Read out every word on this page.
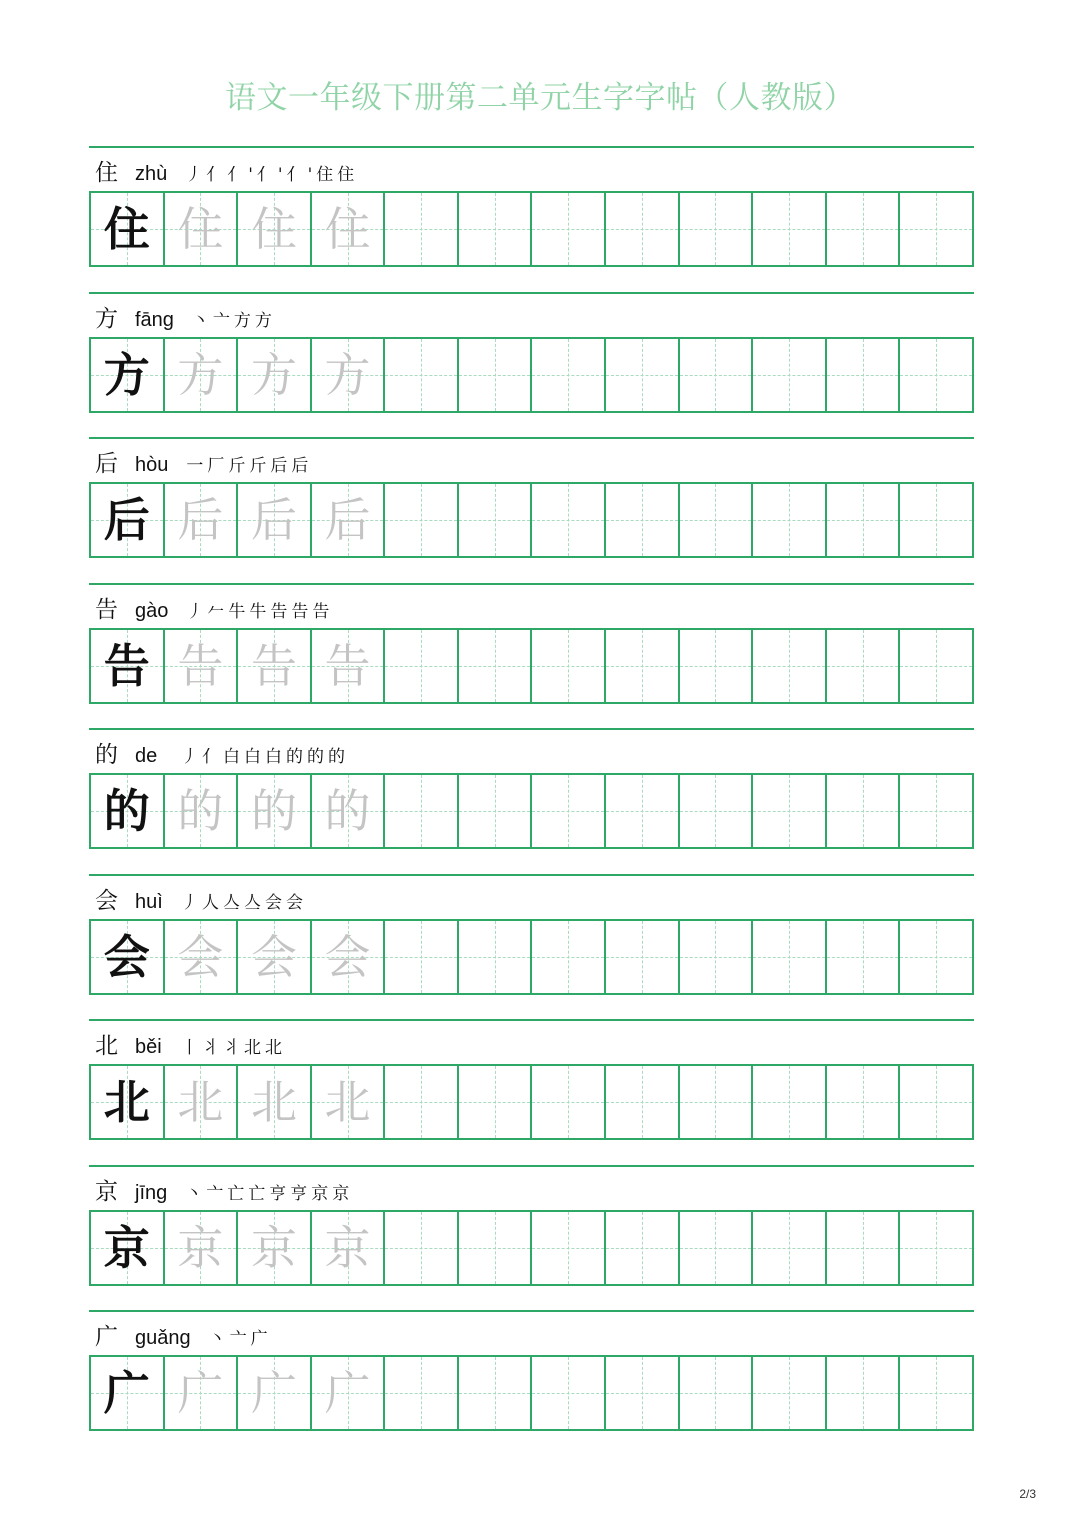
语文一年级下册第二单元生字字帖（人教版）
住 zhù 丿亻亻'亻'亻'住住
住 住 住 住
方 fāng 丶亠方方
方 方 方 方
后 hòu 一厂斤斤后后
后 后 后 后
告 gào 丿𠂉牛牛告告告
告 告 告 告
的 de	丿亻白白白的的的
的 的 的 的
会 huì 丿人亼亼会会
会 会 会 会
北 běi 丨丬丬北北
北 北 北 北
京 jīng 丶亠亡亡亨亨京京
京 京 京 京
广 guǎng 丶亠广
广 广 广 广
2/3
